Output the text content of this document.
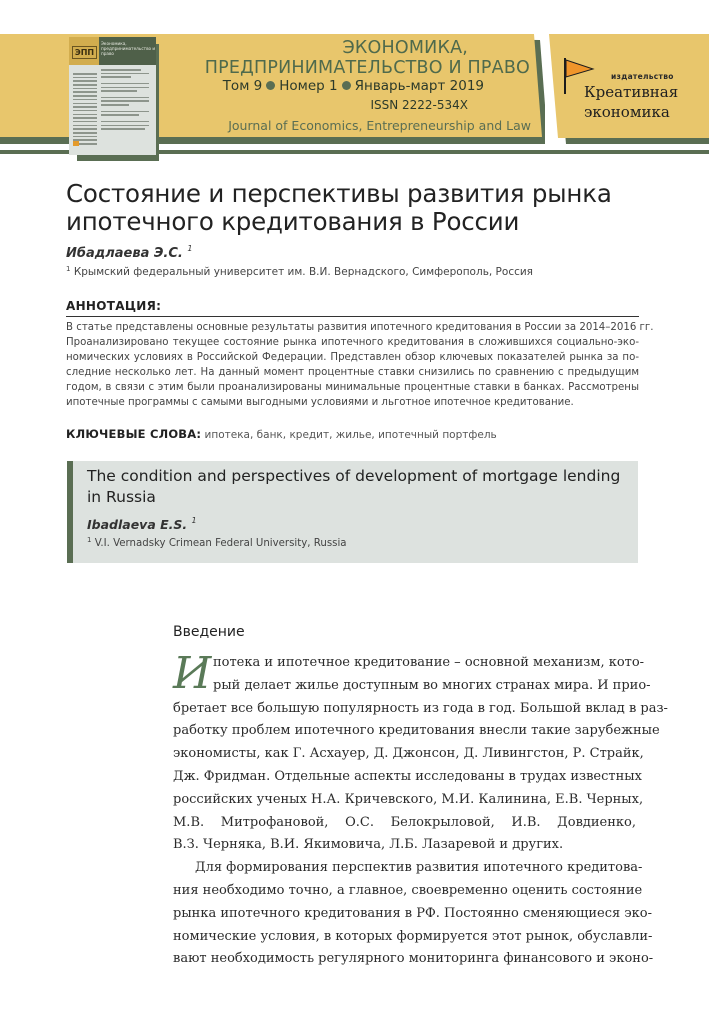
ЭПП
Экономика, предпринимательство и право	ЭКОНОМИКА,
ПРЕДПРИНИМАТЕЛЬСТВО И ПРАВО
Том 9 Номер 1 Январь-март 2019
ISSN 2222-534X
Journal of Economics, Entrepreneurship and Law
издательство
Креативная
экономика
Состояние и перспективы развития рынка ипотечного кредитования в России
Ибадлаева Э.С. $^1$
$^1$ Крымский федеральный университет им. В.И. Вернадского, Симферополь, Россия
АННОТАЦИЯ:
В статье представлены основные результаты развития ипотечного кредитования в России за 2014–2016 гг.
Проанализировано текущее состояние рынка ипотечного кредитования в сложившихся социально-эко-
номических условиях в Российской Федерации. Представлен обзор ключевых показателей рынка за по-
следние несколько лет. На данный момент процентные ставки снизились по сравнению с предыдущим
годом, в связи с этим были проанализированы минимальные процентные ставки в банках. Рассмотрены
ипотечные программы с самыми выгодными условиями и льготное ипотечное кредитование.
КЛЮЧЕВЫЕ СЛОВА: ипотека, банк, кредит, жилье, ипотечный портфель
The condition and perspectives of development of mortgage lending in Russia
Ibadlaeva E.S. $^1$
$^1$ V.I. Vernadsky Crimean Federal University, Russia
Введение
И потека и ипотечное кредитование – основной механизм, кото-
рый делает жилье доступным во многих странах мира. И прио-
бретает все большую популярность из года в год. Большой вклад в раз-
работку проблем ипотечного кредитования внесли такие зарубежные
экономисты, как Г. Асхауер, Д. Джонсон, Д. Ливингстон, Р. Страйк,
Дж. Фридман. Отдельные аспекты исследованы в трудах известных
российских ученых Н.А. Кричевского, М.И. Калинина, Е.В. Черных,
М.В. Митрофановой, О.С. Белокрыловой, И.В. Довдиенко,
В.З. Черняка, В.И. Якимовича, Л.Б. Лазаревой и других.
Для формирования перспектив развития ипотечного кредитова-
ния необходимо точно, а главное, своевременно оценить состояние
рынка ипотечного кредитования в РФ. Постоянно сменяющиеся эко-
номические условия, в которых формируется этот рынок, обуславли-
вают необходимость регулярного мониторинга финансового и эконо-
